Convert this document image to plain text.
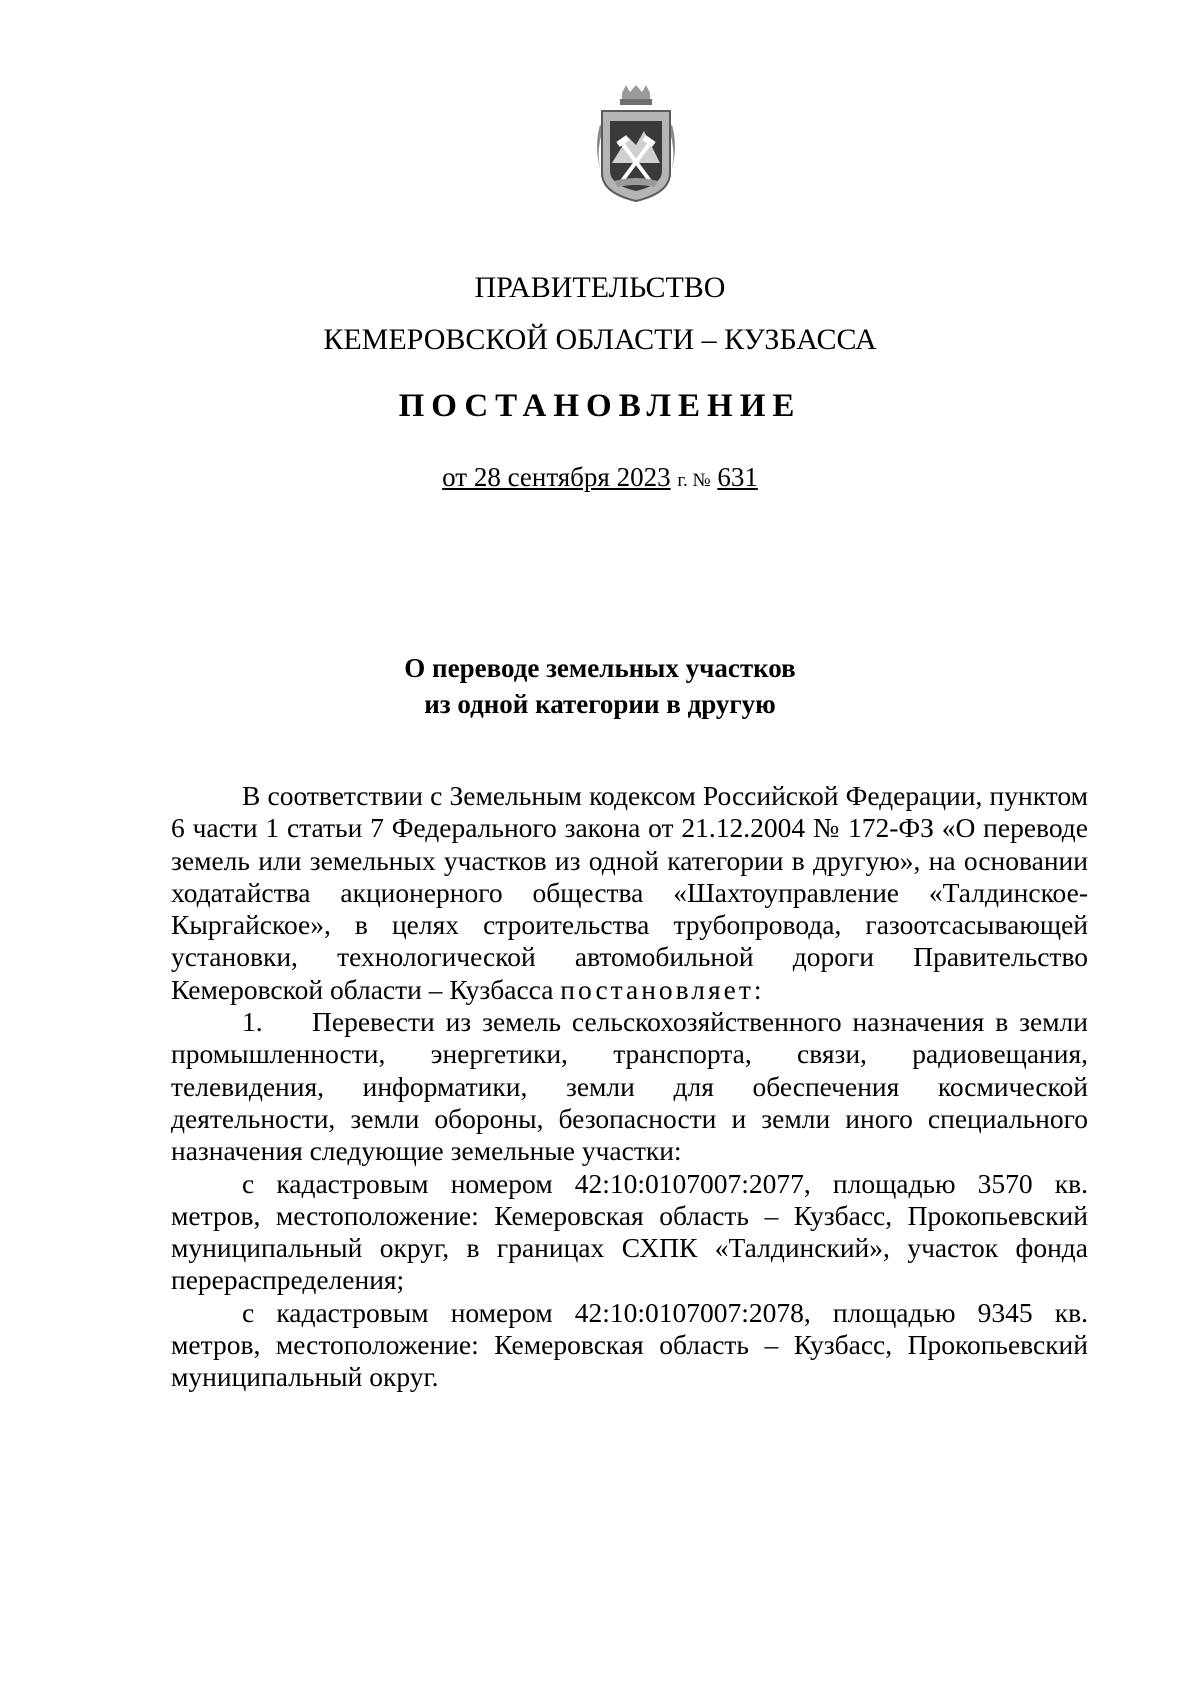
ПРАВИТЕЛЬСТВО
КЕМЕРОВСКОЙ ОБЛАСТИ – КУЗБАССА
ПОСТАНОВЛЕНИЕ
от 28 сентября 2023 г. № 631
О переводе земельных участков
из одной категории в другую

В соответствии с Земельным кодексом Российской Федерации, пунктом 6 части 1 статьи 7 Федерального закона от 21.12.2004 № 172-ФЗ «О переводе земель или земельных участков из одной категории в другую», на основании ходатайства акционерного общества «Шахтоуправление «Талдинское-Кыргайское», в целях строительства трубопровода, газоотсасывающей установки, технологической автомобильной дороги Правительство Кемеровской области – Кузбасса постановляет:

1. Перевести из земель сельскохозяйственного назначения в земли промышленности, энергетики, транспорта, связи, радиовещания, телевидения, информатики, земли для обеспечения космической деятельности, земли обороны, безопасности и земли иного специального назначения следующие земельные участки:

с кадастровым номером 42:10:0107007:2077, площадью 3570 кв. метров, местоположение: Кемеровская область – Кузбасс, Прокопьевский муниципальный округ, в границах СХПК «Талдинский», участок фонда перераспределения;

с кадастровым номером 42:10:0107007:2078, площадью 9345 кв. метров, местоположение: Кемеровская область – Кузбасс, Прокопьевский муниципальный округ.
